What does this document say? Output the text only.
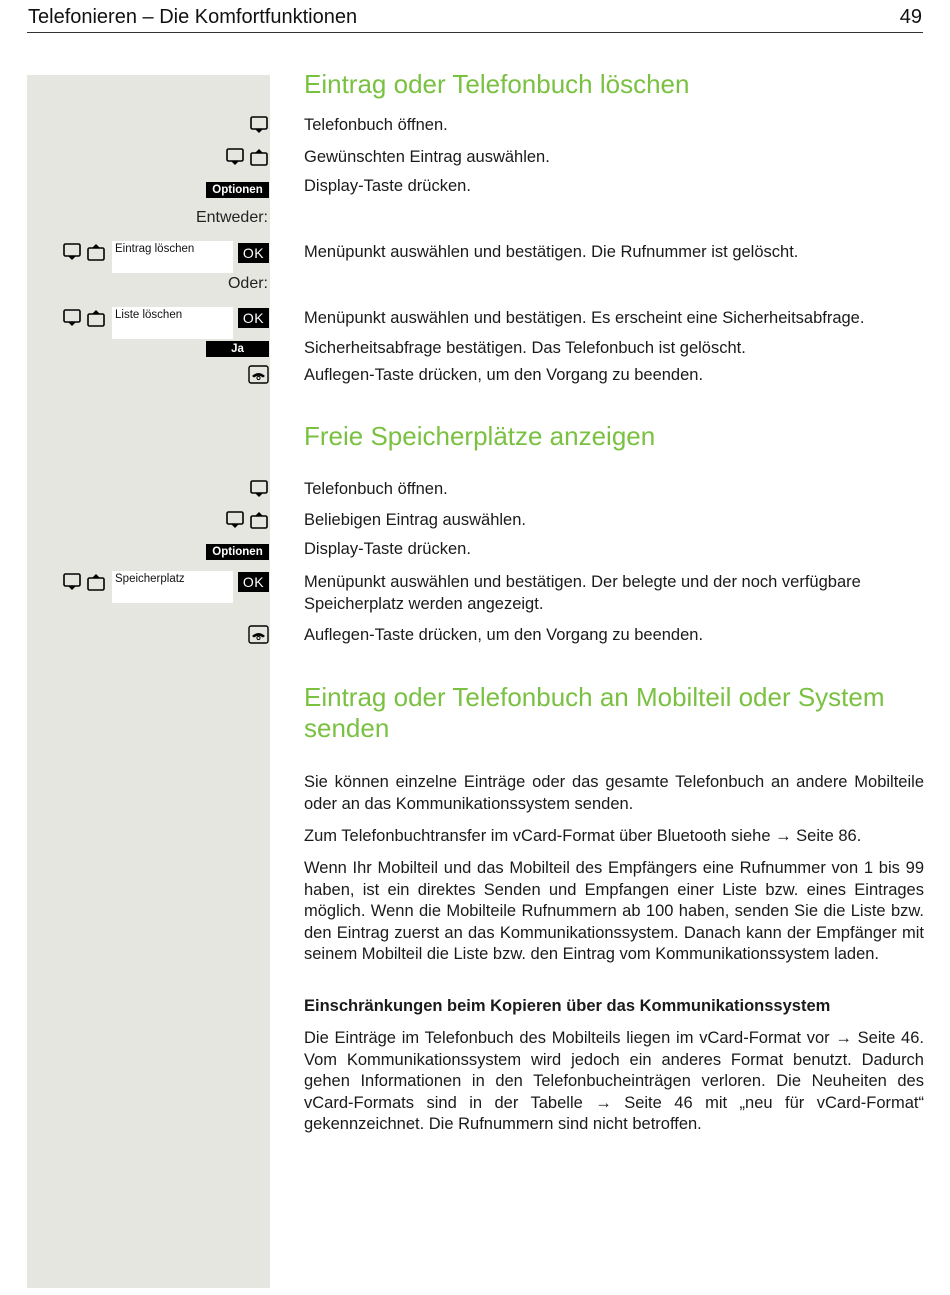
Telefonieren – Die Komfortfunktionen	49
Eintrag oder Telefonbuch löschen
Telefonbuch öffnen.
Gewünschten Eintrag auswählen.
Optionen	Display-Taste drücken.
Entweder:
Eintrag löschen	OK Menüpunkt auswählen und bestätigen. Die Rufnummer ist gelöscht.
Oder:
Liste löschen	OK Menüpunkt auswählen und bestätigen. Es erscheint eine Sicherheitsabfrage.
Ja	Sicherheitsabfrage bestätigen. Das Telefonbuch ist gelöscht.
Auflegen-Taste drücken, um den Vorgang zu beenden.
Freie Speicherplätze anzeigen
Telefonbuch öffnen.
Beliebigen Eintrag auswählen.
Optionen	Display-Taste drücken.
Speicherplatz	OK Menüpunkt auswählen und bestätigen. Der belegte und der noch verfügbare Speicherplatz werden angezeigt.
Auflegen-Taste drücken, um den Vorgang zu beenden.
Eintrag oder Telefonbuch an Mobilteil oder System senden
Sie können einzelne Einträge oder das gesamte Telefonbuch an andere Mobilteile oder an das Kommunikationssystem senden.
Zum Telefonbuchtransfer im vCard-Format über Bluetooth siehe → Seite 86.
Wenn Ihr Mobilteil und das Mobilteil des Empfängers eine Rufnummer von 1 bis 99 haben, ist ein direktes Senden und Empfangen einer Liste bzw. eines Eintrages möglich. Wenn die Mobilteile Rufnummern ab 100 haben, senden Sie die Liste bzw. den Eintrag zuerst an das Kommunikationssystem. Danach kann der Empfänger mit seinem Mobilteil die Liste bzw. den Eintrag vom Kommunikationssystem laden.
Einschränkungen beim Kopieren über das Kommunikationssystem
Die Einträge im Telefonbuch des Mobilteils liegen im vCard-Format vor → Seite 46. Vom Kommunikationssystem wird jedoch ein anderes Format benutzt. Dadurch gehen Informationen in den Telefonbucheinträgen verloren. Die Neuheiten des vCard-Formats sind in der Tabelle → Seite 46 mit „neu für vCard-Format“ gekennzeichnet. Die Rufnummern sind nicht betroffen.
